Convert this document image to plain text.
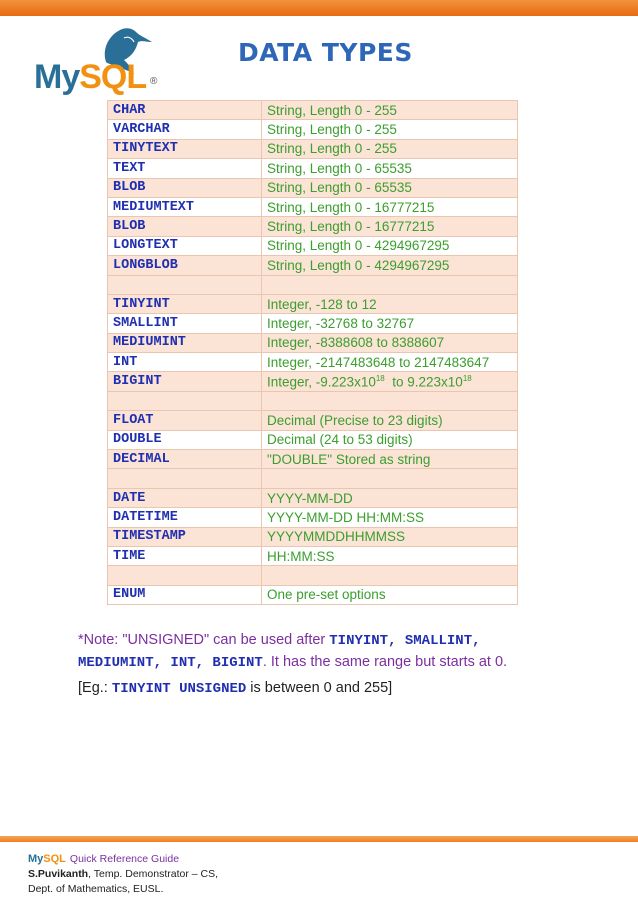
MySQL ®
DATA TYPES
CHAR	String, Length 0 - 255
VARCHAR	String, Length 0 - 255
TINYTEXT	String, Length 0 - 255
TEXT	String, Length 0 - 65535
BLOB	String, Length 0 - 65535
MEDIUMTEXT	String, Length 0 - 16777215
BLOB	String, Length 0 - 16777215
LONGTEXT	String, Length 0 - 4294967295
LONGBLOB	String, Length 0 - 4294967295

TINYINT	Integer, -128 to 12
SMALLINT	Integer, -32768 to 32767
MEDIUMINT	Integer, -8388608 to 8388607
INT	Integer, -2147483648 to 2147483647
BIGINT	Integer, $-9.223x10^{18}$  to $9.223x10^{18}$

FLOAT	Decimal (Precise to 23 digits)
DOUBLE	Decimal (24 to 53 digits)
DECIMAL	"DOUBLE" Stored as string

DATE	YYYY-MM-DD
DATETIME	YYYY-MM-DD HH:MM:SS
TIMESTAMP	YYYYMMDDHHMMSS
TIME	HH:MM:SS

ENUM	One pre-set options

*Note: "UNSIGNED" can be used after TINYINT, SMALLINT, MEDIUMINT, INT, BIGINT. It has the same range but starts at 0.

[Eg.: TINYINT UNSIGNED is between 0 and 255]

MySQL Quick Reference Guide
S.Puvikanth, Temp. Demonstrator – CS,
Dept. of Mathematics, EUSL.
